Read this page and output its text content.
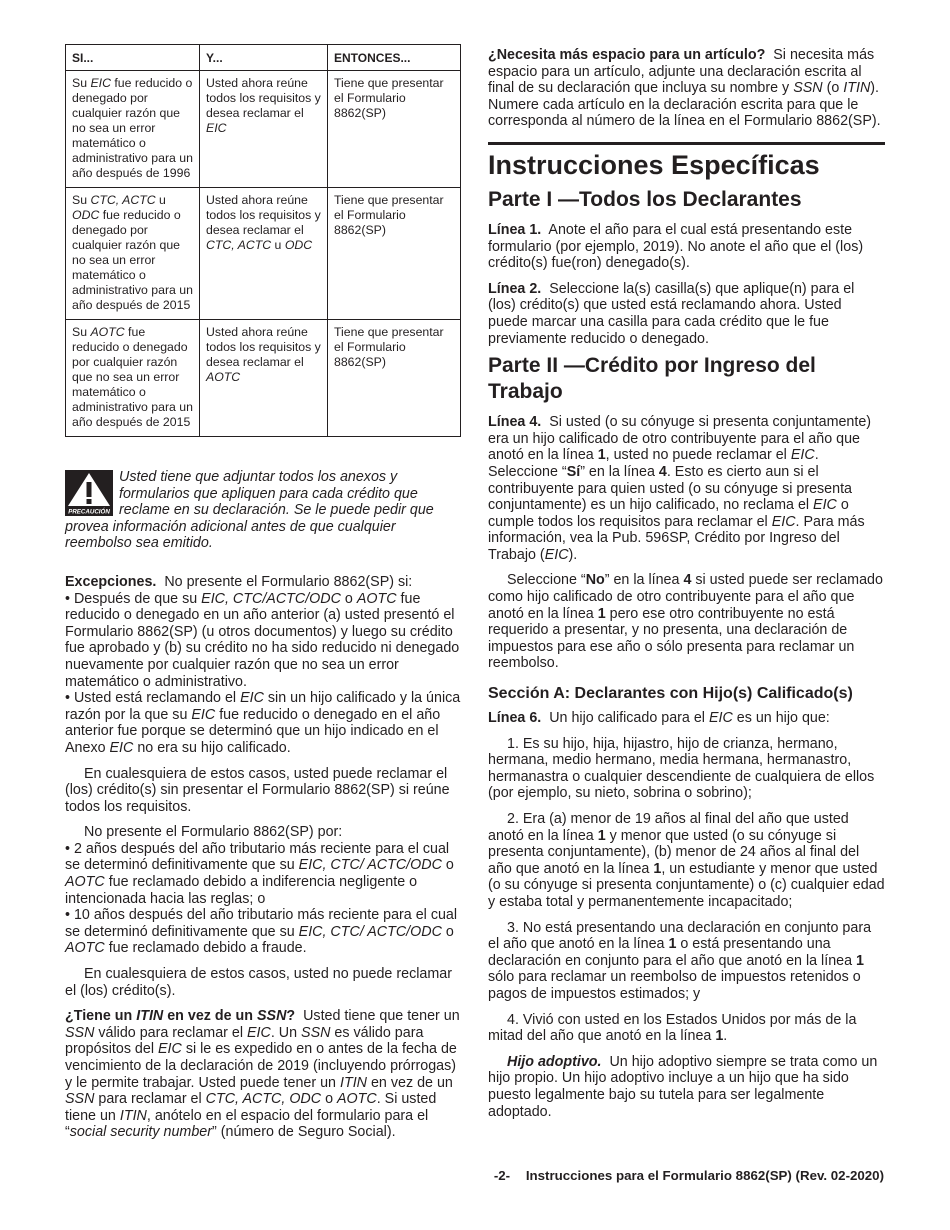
SI...	Y...	ENTONCES...
Su EIC fue reducido o denegado por cualquier razón que no sea un error matemático o administrativo para un año después de 1996	Usted ahora reúne todos los requisitos y desea reclamar el EIC	Tiene que presentar el Formulario 8862(SP)
Su CTC, ACTC u ODC fue reducido o denegado por cualquier razón que no sea un error matemático o administrativo para un año después de 2015	Usted ahora reúne todos los requisitos y desea reclamar el CTC, ACTC u ODC	Tiene que presentar el Formulario 8862(SP)
Su AOTC fue reducido o denegado por cualquier razón que no sea un error matemático o administrativo para un año después de 2015	Usted ahora reúne todos los requisitos y desea reclamar el AOTC	Tiene que presentar el Formulario 8862(SP)
PRECAUCIÓN
Usted tiene que adjuntar todos los anexos y formularios que apliquen para cada crédito que reclame en su declaración. Se le puede pedir que provea información adicional antes de que cualquier reembolso sea emitido.

Excepciones. No presente el Formulario 8862(SP) si:

• Después de que su EIC, CTC/ACTC/ODC o AOTC fue reducido o denegado en un año anterior (a) usted presentó el Formulario 8862(SP) (u otros documentos) y luego su crédito fue aprobado y (b) su crédito no ha sido reducido ni denegado nuevamente por cualquier razón que no sea un error matemático o administrativo.

• Usted está reclamando el EIC sin un hijo calificado y la única razón por la que su EIC fue reducido o denegado en el año anterior fue porque se determinó que un hijo indicado en el Anexo EIC no era su hijo calificado.

En cualesquiera de estos casos, usted puede reclamar el (los) crédito(s) sin presentar el Formulario 8862(SP) si reúne todos los requisitos.

No presente el Formulario 8862(SP) por:

• 2 años después del año tributario más reciente para el cual se determinó definitivamente que su EIC, CTC/ ACTC/ODC o AOTC fue reclamado debido a indiferencia negligente o intencionada hacia las reglas; o

• 10 años después del año tributario más reciente para el cual se determinó definitivamente que su EIC, CTC/ ACTC/ODC o AOTC fue reclamado debido a fraude.

En cualesquiera de estos casos, usted no puede reclamar el (los) crédito(s).

¿Tiene un ITIN en vez de un SSN? Usted tiene que tener un SSN válido para reclamar el EIC. Un SSN es válido para propósitos del EIC si le es expedido en o antes de la fecha de vencimiento de la declaración de 2019 (incluyendo prórrogas) y le permite trabajar. Usted puede tener un ITIN en vez de un SSN para reclamar el CTC, ACTC, ODC o AOTC. Si usted tiene un ITIN, anótelo en el espacio del formulario para el “social security number” (número de Seguro Social).

¿Necesita más espacio para un artículo? Si necesita más espacio para un artículo, adjunte una declaración escrita al final de su declaración que incluya su nombre y SSN (o ITIN). Numere cada artículo en la declaración escrita para que le corresponda al número de la línea en el Formulario 8862(SP).

Instrucciones Específicas
Parte I —Todos los Declarantes

Línea 1. Anote el año para el cual está presentando este formulario (por ejemplo, 2019). No anote el año que el (los) crédito(s) fue(ron) denegado(s).

Línea 2. Seleccione la(s) casilla(s) que aplique(n) para el (los) crédito(s) que usted está reclamando ahora. Usted puede marcar una casilla para cada crédito que le fue previamente reducido o denegado.

Parte II —Crédito por Ingreso del Trabajo

Línea 4. Si usted (o su cónyuge si presenta conjuntamente) era un hijo calificado de otro contribuyente para el año que anotó en la línea 1, usted no puede reclamar el EIC. Seleccione “Sí” en la línea 4. Esto es cierto aun si el contribuyente para quien usted (o su cónyuge si presenta conjuntamente) es un hijo calificado, no reclama el EIC o cumple todos los requisitos para reclamar el EIC. Para más información, vea la Pub. 596SP, Crédito por Ingreso del Trabajo (EIC).

Seleccione “No” en la línea 4 si usted puede ser reclamado como hijo calificado de otro contribuyente para el año que anotó en la línea 1 pero ese otro contribuyente no está requerido a presentar, y no presenta, una declaración de impuestos para ese año o sólo presenta para reclamar un reembolso.

Sección A: Declarantes con Hijo(s) Calificado(s)

Línea 6. Un hijo calificado para el EIC es un hijo que:

1. Es su hijo, hija, hijastro, hijo de crianza, hermano, hermana, medio hermano, media hermana, hermanastro, hermanastra o cualquier descendiente de cualquiera de ellos (por ejemplo, su nieto, sobrina o sobrino);

2. Era (a) menor de 19 años al final del año que usted anotó en la línea 1 y menor que usted (o su cónyuge si presenta conjuntamente), (b) menor de 24 años al final del año que anotó en la línea 1, un estudiante y menor que usted (o su cónyuge si presenta conjuntamente) o (c) cualquier edad y estaba total y permanentemente incapacitado;

3. No está presentando una declaración en conjunto para el año que anotó en la línea 1 o está presentando una declaración en conjunto para el año que anotó en la línea 1 sólo para reclamar un reembolso de impuestos retenidos o pagos de impuestos estimados; y

4. Vivió con usted en los Estados Unidos por más de la mitad del año que anotó en la línea 1.

Hijo adoptivo. Un hijo adoptivo siempre se trata como un hijo propio. Un hijo adoptivo incluye a un hijo que ha sido puesto legalmente bajo su tutela para ser legalmente adoptado.

-2- Instrucciones para el Formulario 8862(SP) (Rev. 02-2020)
